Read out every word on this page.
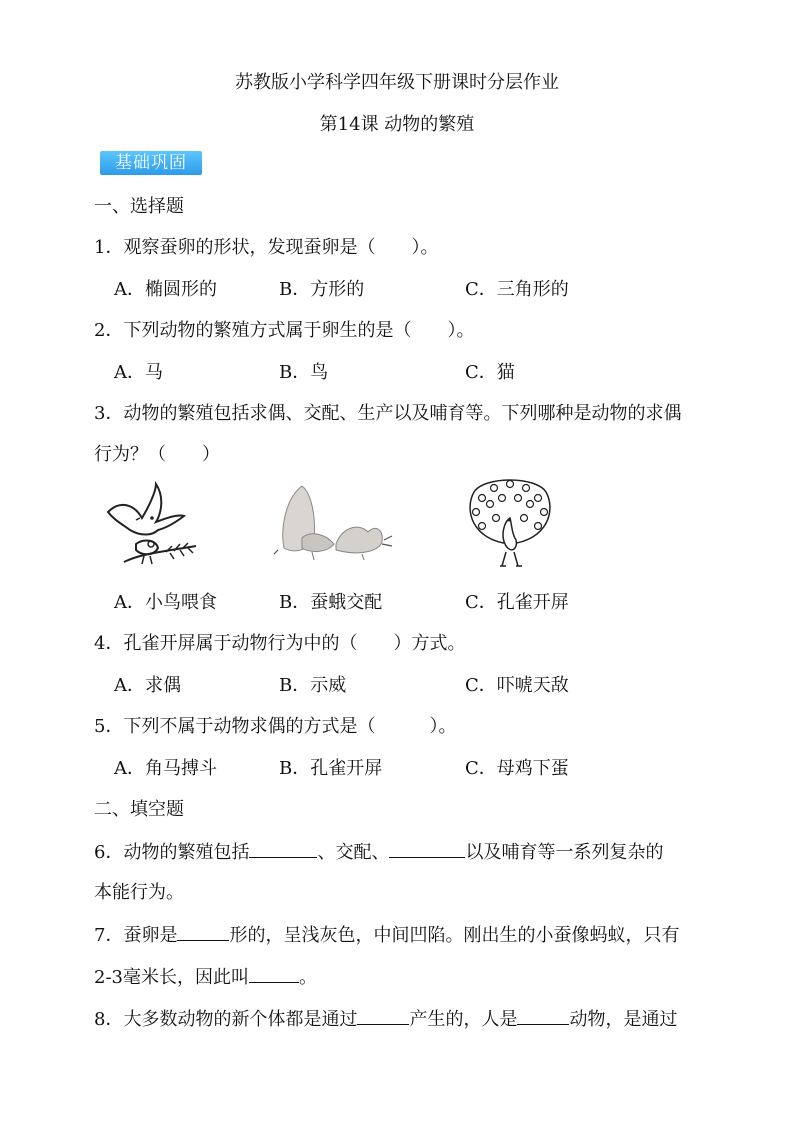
苏教版小学科学四年级下册课时分层作业
第14课 动物的繁殖
基础巩固
一、选择题
1．观察蚕卵的形状，发现蚕卵是（　　）。
A．椭圆形的	B．方形的	C．三角形的
2．下列动物的繁殖方式属于卵生的是（　　）。
A．马	B．鸟	C．猫
3．动物的繁殖包括求偶、交配、生产以及哺育等。下列哪种是动物的求偶
行为？（　　）
A．小鸟喂食	B．蚕蛾交配	C．孔雀开屏
4．孔雀开屏属于动物行为中的（　　）方式。
A．求偶	B．示威	C．吓唬天敌
5．下列不属于动物求偶的方式是（　　　）。
A．角马搏斗	B．孔雀开屏	C．母鸡下蛋
二、填空题
6．动物的繁殖包括	、交配、	以及哺育等一系列复杂的
本能行为。
7．蚕卵是	形的，呈浅灰色，中间凹陷。刚出生的小蚕像蚂蚁，只有
2-3毫米长，因此叫	。
8．大多数动物的新个体都是通过	产生的，人是	动物，是通过
